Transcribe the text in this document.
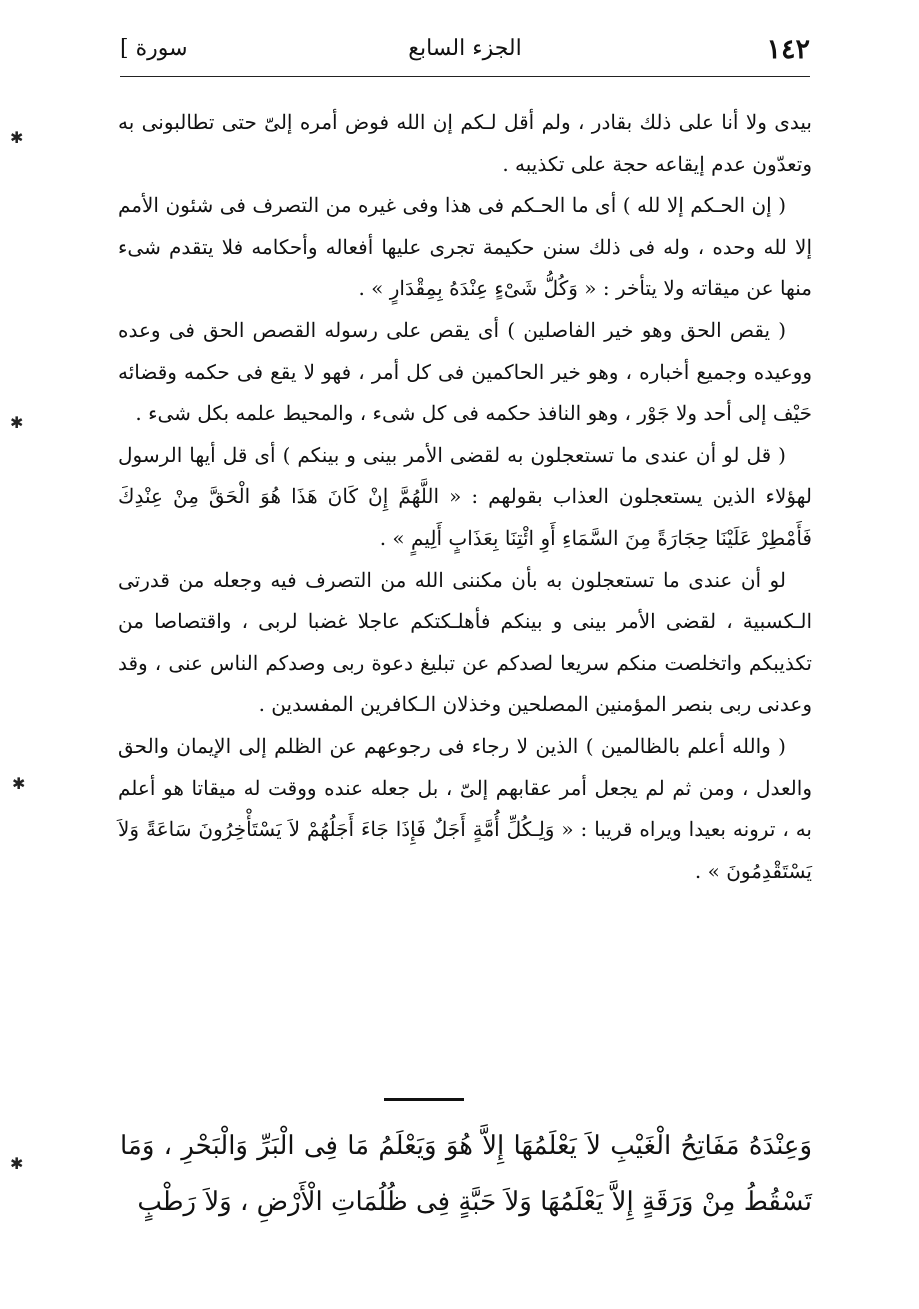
١٤٢
الجزء السابع
[ سورة

بيدى ولا أنا على ذلك بقادر ، ولم أقل لـكم إن الله فوض أمره إلىّ حتى تطالبونى به وتعدّون عدم إيقاعه حجة على تكذيبه .

( إن الحـكم إلا لله ) أى ما الحـكم فى هذا وفى غيره من التصرف فى شئون الأمم إلا لله وحده ، وله فى ذلك سنن حكيمة تجرى عليها أفعاله وأحكامه فلا يتقدم شىء منها عن ميقاته ولا يتأخر : « وَكُلُّ شَىْءٍ عِنْدَهُ بِمِقْدَارٍ » .

( يقص الحق وهو خير الفاصلين ) أى يقص على رسوله القصص الحق فى وعده ووعيده وجميع أخباره ، وهو خير الحاكمين فى كل أمر ، فهو لا يقع فى حكمه وقضائه حَيْف إلى أحد ولا جَوْر ، وهو النافذ حكمه فى كل شىء ، والمحيط علمه بكل شىء .

( قل لو أن عندى ما تستعجلون به لقضى الأمر بينى و بينكم ) أى قل أيها الرسول لهؤلاء الذين يستعجلون العذاب بقولهم : « اللَّهُمَّ إِنْ كَانَ هَذَا هُوَ الْحَقَّ مِنْ عِنْدِكَ فَأَمْطِرْ عَلَيْنَا حِجَارَةً مِنَ السَّمَاءِ أَوِ ائْتِنَا بِعَذَابٍ أَلِيمٍ » .

لو أن عندى ما تستعجلون به بأن مكننى الله من التصرف فيه وجعله من قدرتى الـكسبية ، لقضى الأمر بينى و بينكم فأهلـكتكم عاجلا غضبا لربى ، واقتصاصا من تكذيبكم واتخلصت منكم سريعا لصدكم عن تبليغ دعوة ربى وصدكم الناس عنى ، وقد وعدنى ربى بنصر المؤمنين المصلحين وخذلان الـكافرين المفسدين .

( والله أعلم بالظالمين ) الذين لا رجاء فى رجوعهم عن الظلم إلى الإيمان والحق والعدل ، ومن ثم لم يجعل أمر عقابهم إلىّ ، بل جعله عنده ووقت له ميقاتا هو أعلم به ، ترونه بعيدا ويراه قريبا : « وَلِـكُلِّ أُمَّةٍ أَجَلٌ فَإِذَا جَاءَ أَجَلُهُمْ لاَ يَسْتَأْخِرُونَ سَاعَةً وَلاَ يَسْتَقْدِمُونَ » .

وَعِنْدَهُ مَفَاتِحُ الْغَيْبِ لاَ يَعْلَمُهَا إِلاَّ هُوَ وَيَعْلَمُ مَا فِى الْبَرِّ وَالْبَحْرِ ، وَمَا تَسْقُطُ مِنْ وَرَقَةٍ إِلاَّ يَعْلَمُهَا وَلاَ حَبَّةٍ فِى ظُلُمَاتِ الْأَرْضِ ، وَلاَ رَطْبٍ
✱
✱
✱
✱
